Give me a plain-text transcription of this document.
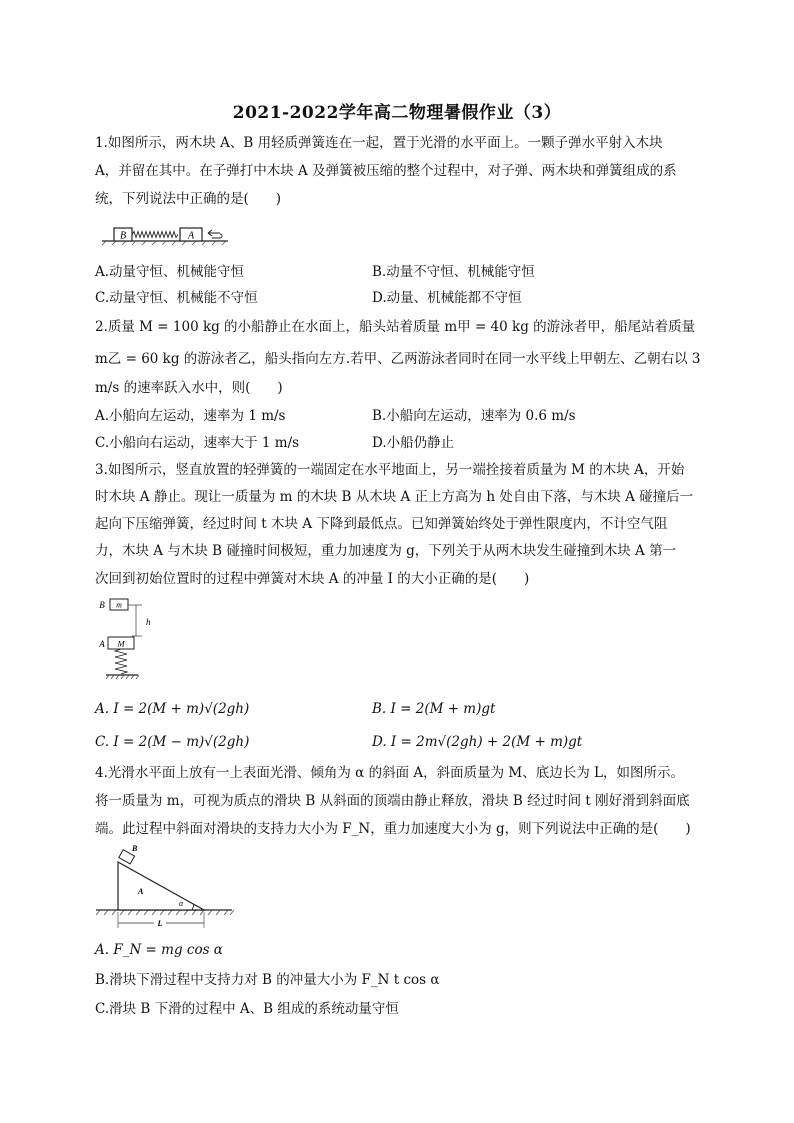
2021-2022学年高二物理暑假作业（3）
1.如图所示，两木块 A、B 用轻质弹簧连在一起，置于光滑的水平面上。一颗子弹水平射入木块
A，并留在其中。在子弹打中木块 A 及弹簧被压缩的整个过程中，对子弹、两木块和弹簧组成的系
统，下列说法中正确的是(　　)
B	A
A.动量守恒、机械能守恒	B.动量不守恒、机械能守恒
C.动量守恒、机械能不守恒	D.动量、机械能都不守恒
2.质量 M = 100 kg 的小船静止在水面上，船头站着质量 m甲 = 40 kg 的游泳者甲，船尾站着质量
m乙 = 60 kg 的游泳者乙，船头指向左方.若甲、乙两游泳者同时在同一水平线上甲朝左、乙朝右以 3
m/s 的速率跃入水中，则(　　)
A.小船向左运动，速率为 1 m/s	B.小船向左运动，速率为 0.6 m/s
C.小船向右运动，速率大于 1 m/s	D.小船仍静止
3.如图所示，竖直放置的轻弹簧的一端固定在水平地面上，另一端拴接着质量为 M 的木块 A，开始
时木块 A 静止。现让一质量为 m 的木块 B 从木块 A 正上方高为 h 处自由下落，与木块 A 碰撞后一
起向下压缩弹簧，经过时间 t 木块 A 下降到最低点。已知弹簧始终处于弹性限度内，不计空气阻
力，木块 A 与木块 B 碰撞时间极短，重力加速度为 g，下列关于从两木块发生碰撞到木块 A 第一
次回到初始位置时的过程中弹簧对木块 A 的冲量 I 的大小正确的是(　　)
B m
h
A M
A. I = 2(M + m)√(2gh)	B. I = 2(M + m)gt
C. I = 2(M − m)√(2gh)	D. I = 2m√(2gh) + 2(M + m)gt
4.光滑水平面上放有一上表面光滑、倾角为 α 的斜面 A，斜面质量为 M、底边长为 L，如图所示。
将一质量为 m，可视为质点的滑块 B 从斜面的顶端由静止释放，滑块 B 经过时间 t 刚好滑到斜面底
端。此过程中斜面对滑块的支持力大小为 F_N，重力加速度大小为 g，则下列说法中正确的是(　　)
B
A
α
L
A. F_N = mg cos α
B.滑块下滑过程中支持力对 B 的冲量大小为 F_N t cos α
C.滑块 B 下滑的过程中 A、B 组成的系统动量守恒
